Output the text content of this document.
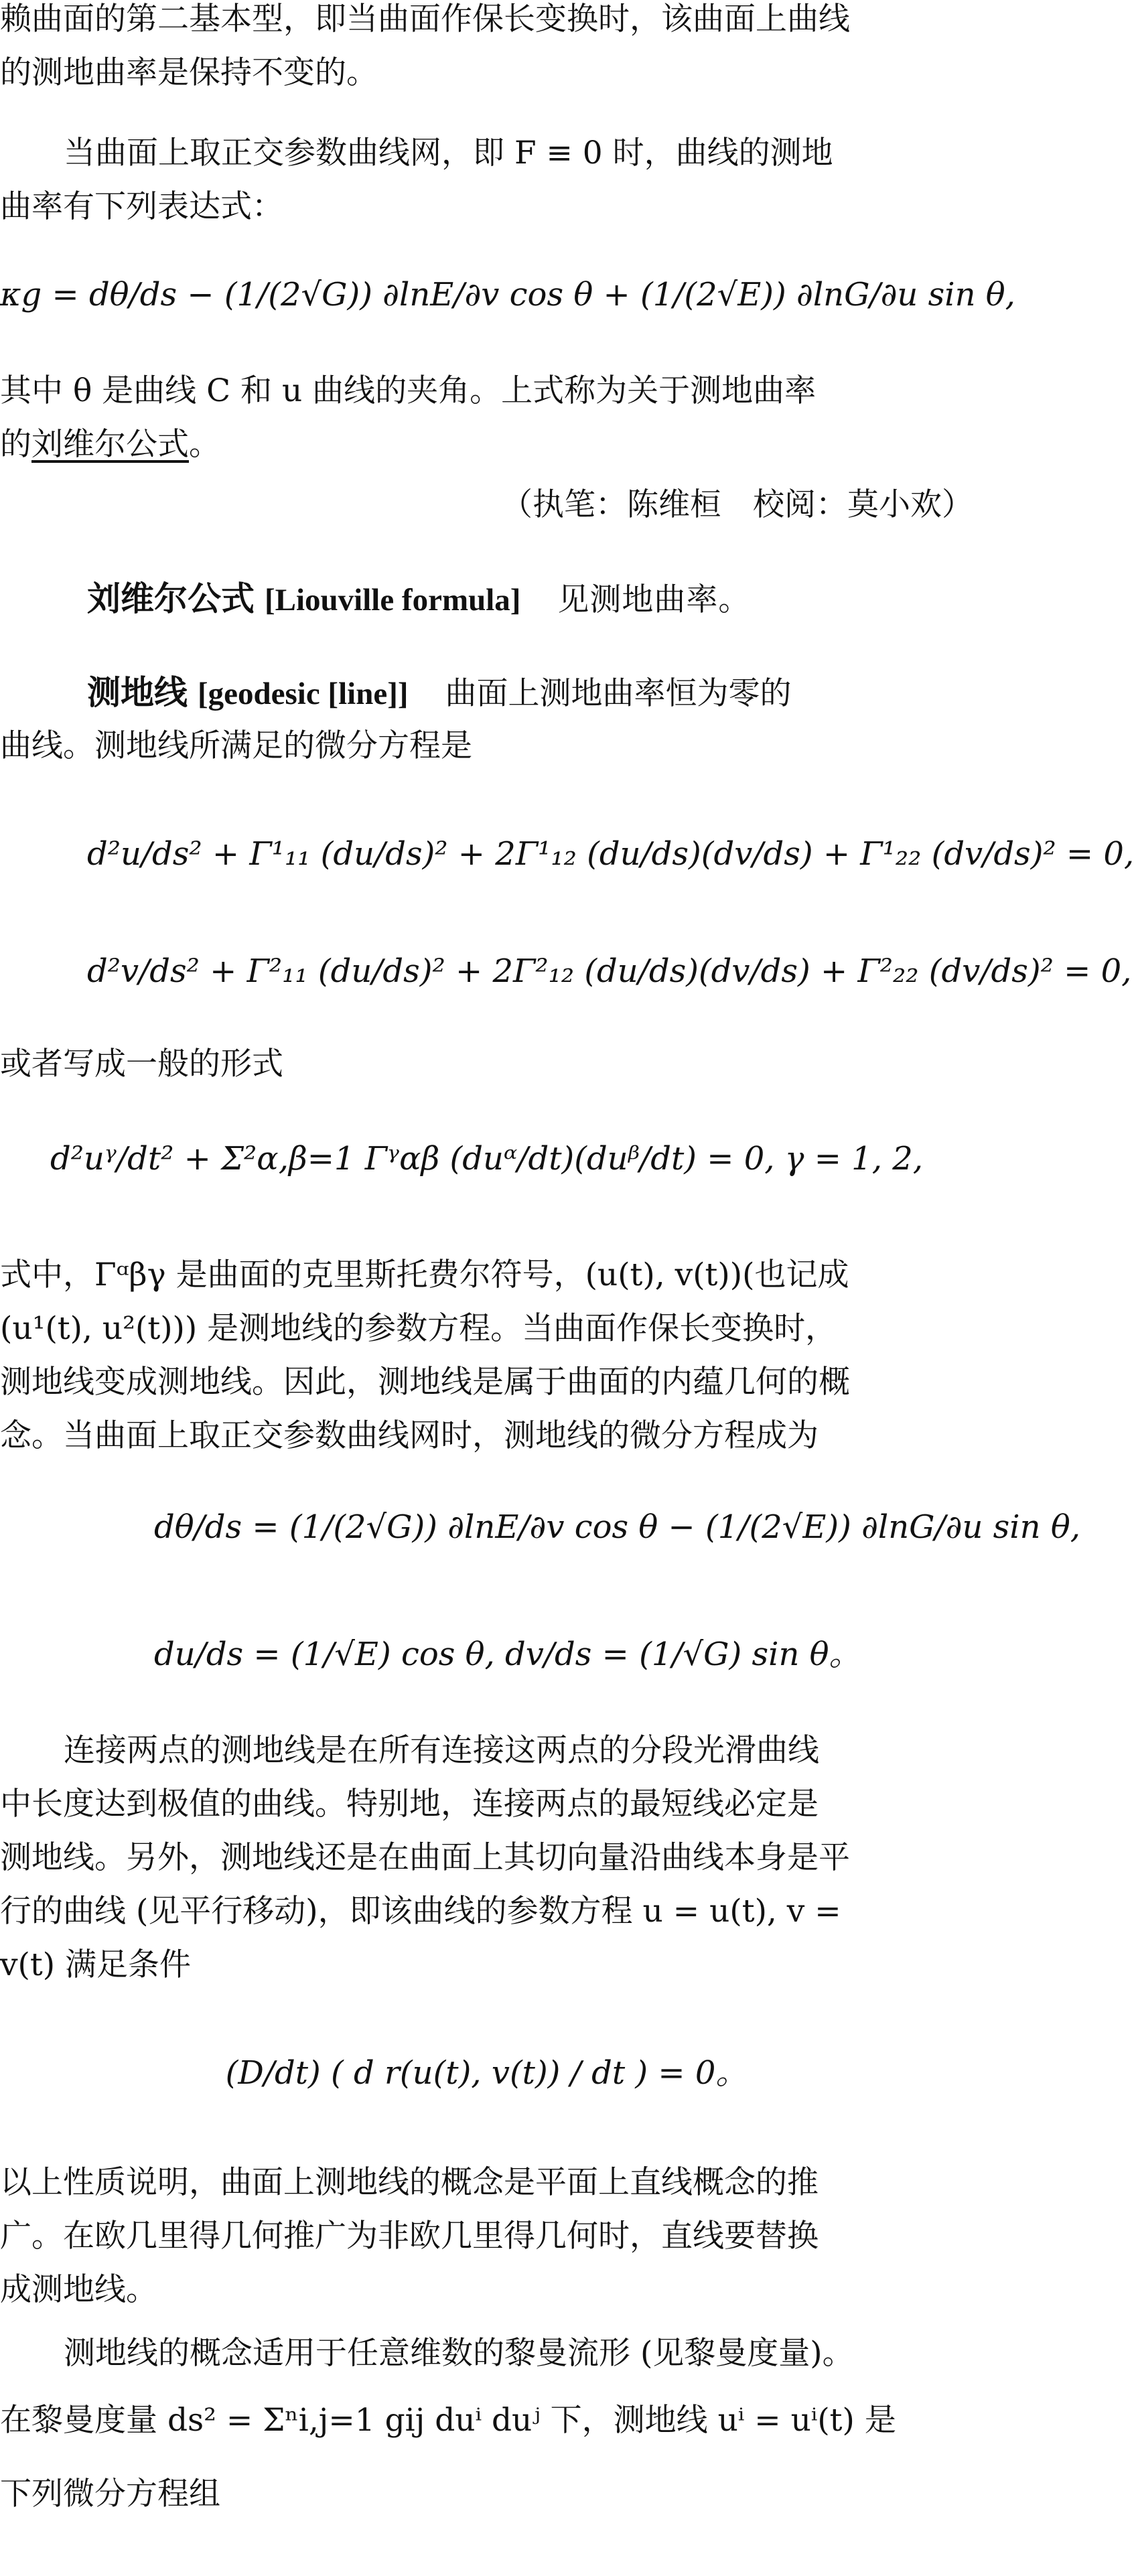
赖曲面的第二基本型，即当曲面作保长变换时，该曲面上曲线
的测地曲率是保持不变的。
当曲面上取正交参数曲线网，即 F ≡ 0 时，曲线的测地
曲率有下列表达式：
κg = dθ/ds − (1/(2√G)) ∂lnE/∂v cos θ + (1/(2√E)) ∂lnG/∂u sin θ,
其中 θ 是曲线 C 和 u 曲线的夹角。上式称为关于测地曲率
的刘维尔公式。
（执笔：陈维桓　校阅：莫小欢）
刘维尔公式 [Liouville formula] 见测地曲率。
测地线 [geodesic [line]] 曲面上测地曲率恒为零的
曲线。测地线所满足的微分方程是
d²u/ds² + Γ¹₁₁ (du/ds)² + 2Γ¹₁₂ (du/ds)(dv/ds) + Γ¹₂₂ (dv/ds)² = 0,
d²v/ds² + Γ²₁₁ (du/ds)² + 2Γ²₁₂ (du/ds)(dv/ds) + Γ²₂₂ (dv/ds)² = 0,
或者写成一般的形式
d²uᵞ/dt² + Σ²α,β=1 Γᵞαβ (duᵅ/dt)(duᵝ/dt) = 0, γ = 1, 2,
式中，Γᵅβγ 是曲面的克里斯托费尔符号，(u(t), v(t))(也记成
(u¹(t), u²(t))) 是测地线的参数方程。当曲面作保长变换时，
测地线变成测地线。因此，测地线是属于曲面的内蕴几何的概
念。当曲面上取正交参数曲线网时，测地线的微分方程成为
dθ/ds = (1/(2√G)) ∂lnE/∂v cos θ − (1/(2√E)) ∂lnG/∂u sin θ,
du/ds = (1/√E) cos θ, dv/ds = (1/√G) sin θ。
连接两点的测地线是在所有连接这两点的分段光滑曲线
中长度达到极值的曲线。特别地，连接两点的最短线必定是
测地线。另外，测地线还是在曲面上其切向量沿曲线本身是平
行的曲线 (见平行移动)，即该曲线的参数方程 u = u(t), v =
v(t) 满足条件
(D/dt) ( d r(u(t), v(t)) / dt ) = 0。
以上性质说明，曲面上测地线的概念是平面上直线概念的推
广。在欧几里得几何推广为非欧几里得几何时，直线要替换
成测地线。
测地线的概念适用于任意维数的黎曼流形 (见黎曼度量)。
在黎曼度量 ds² = Σⁿi,j=1 gij duⁱ duʲ 下，测地线 uⁱ = uⁱ(t) 是
下列微分方程组
